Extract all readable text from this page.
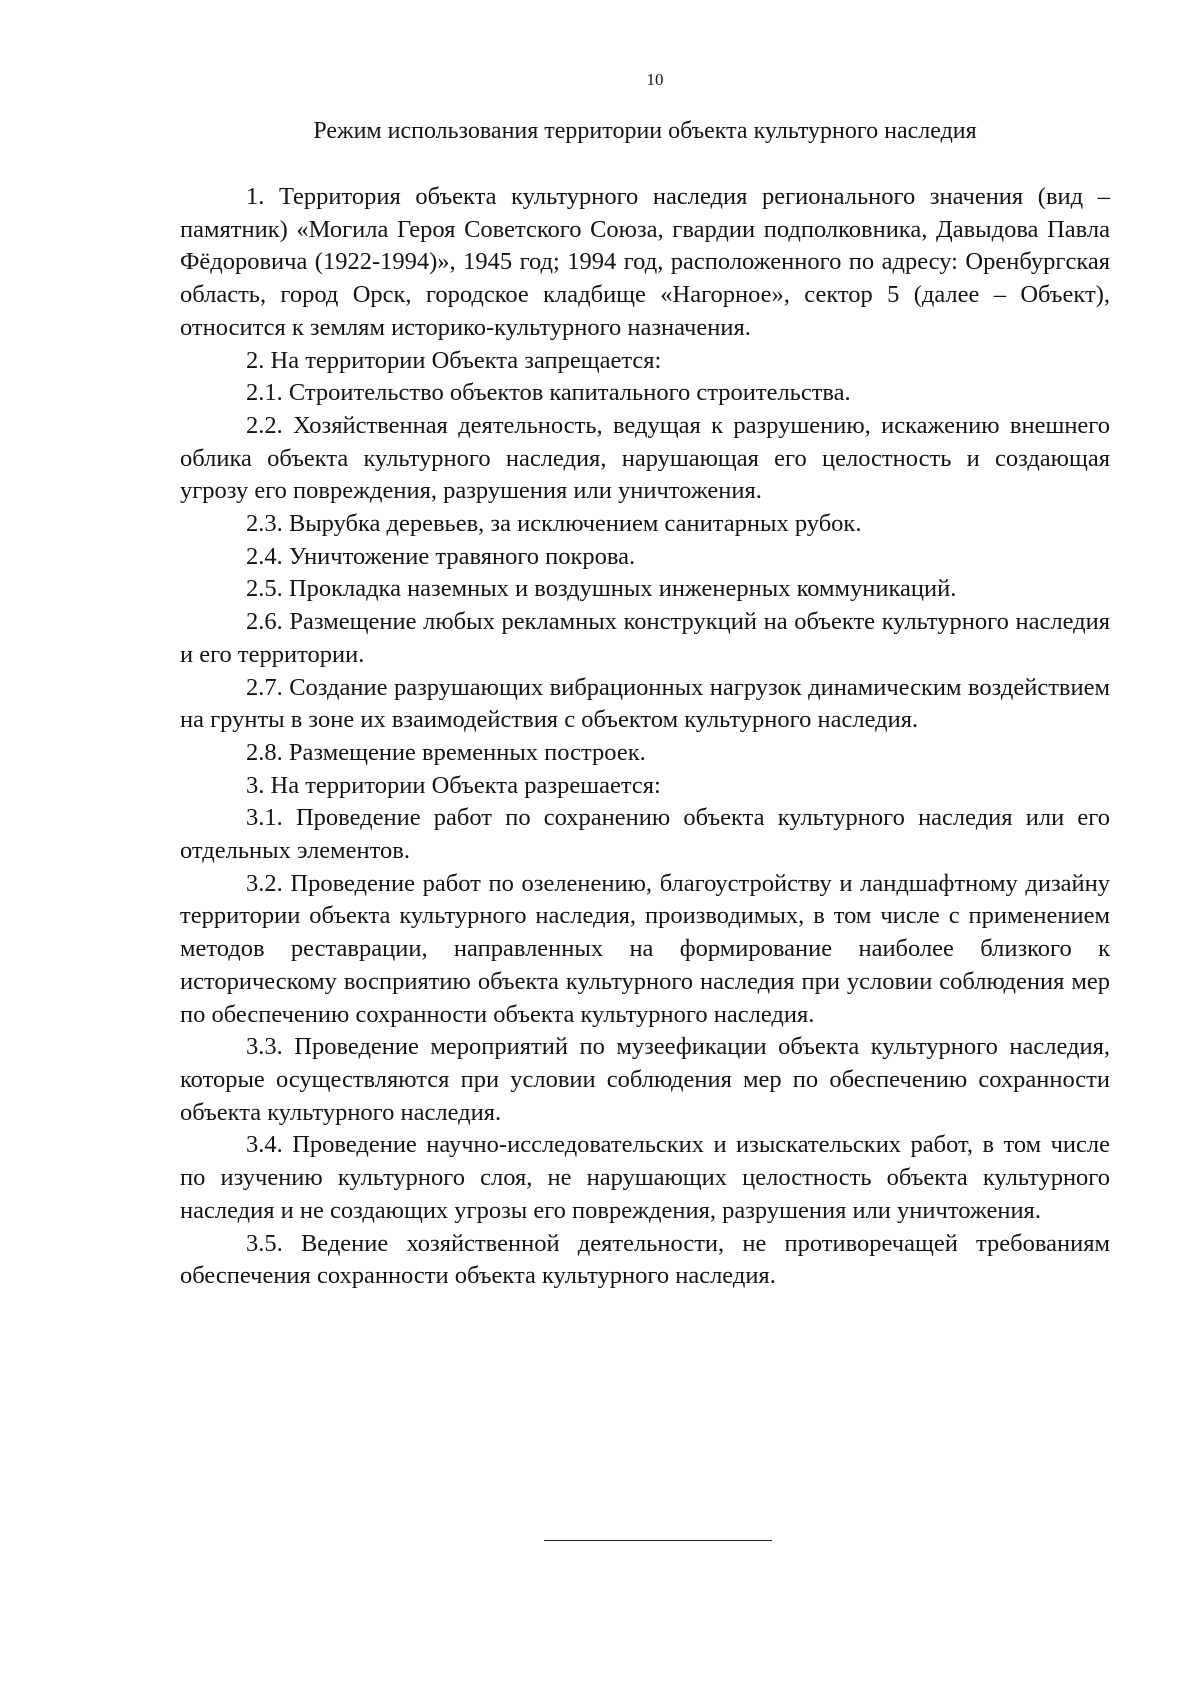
10
Режим использования территории объекта культурного наследия

1. Территория объекта культурного наследия регионального значения (вид – памятник) «Могила Героя Советского Союза, гвардии подполковника, Давыдова Павла Фёдоровича (1922-1994)», 1945 год; 1994 год, расположенного по адресу: Оренбургская область, город Орск, городское кладбище «Нагорное», сектор 5 (далее – Объект), относится к землям историко-культурного назначения.

2. На территории Объекта запрещается:

2.1. Строительство объектов капитального строительства.

2.2. Хозяйственная деятельность, ведущая к разрушению, искажению внешнего облика объекта культурного наследия, нарушающая его целостность и создающая угрозу его повреждения, разрушения или уничтожения.

2.3. Вырубка деревьев, за исключением санитарных рубок.

2.4. Уничтожение травяного покрова.

2.5. Прокладка наземных и воздушных инженерных коммуникаций.

2.6. Размещение любых рекламных конструкций на объекте культурного наследия и его территории.

2.7. Создание разрушающих вибрационных нагрузок динамическим воздействием на грунты в зоне их взаимодействия с объектом культурного наследия.

2.8. Размещение временных построек.

3. На территории Объекта разрешается:

3.1. Проведение работ по сохранению объекта культурного наследия или его отдельных элементов.

3.2. Проведение работ по озеленению, благоустройству и ландшафтному дизайну территории объекта культурного наследия, производимых, в том числе с применением методов реставрации, направленных на формирование наиболее близкого к историческому восприятию объекта культурного наследия при условии соблюдения мер по обеспечению сохранности объекта культурного наследия.

3.3. Проведение мероприятий по музеефикации объекта культурного наследия, которые осуществляются при условии соблюдения мер по обеспечению сохранности объекта культурного наследия.

3.4. Проведение научно-исследовательских и изыскательских работ, в том числе по изучению культурного слоя, не нарушающих целостность объекта культурного наследия и не создающих угрозы его повреждения, разрушения или уничтожения.

3.5. Ведение хозяйственной деятельности, не противоречащей требованиям обеспечения сохранности объекта культурного наследия.
